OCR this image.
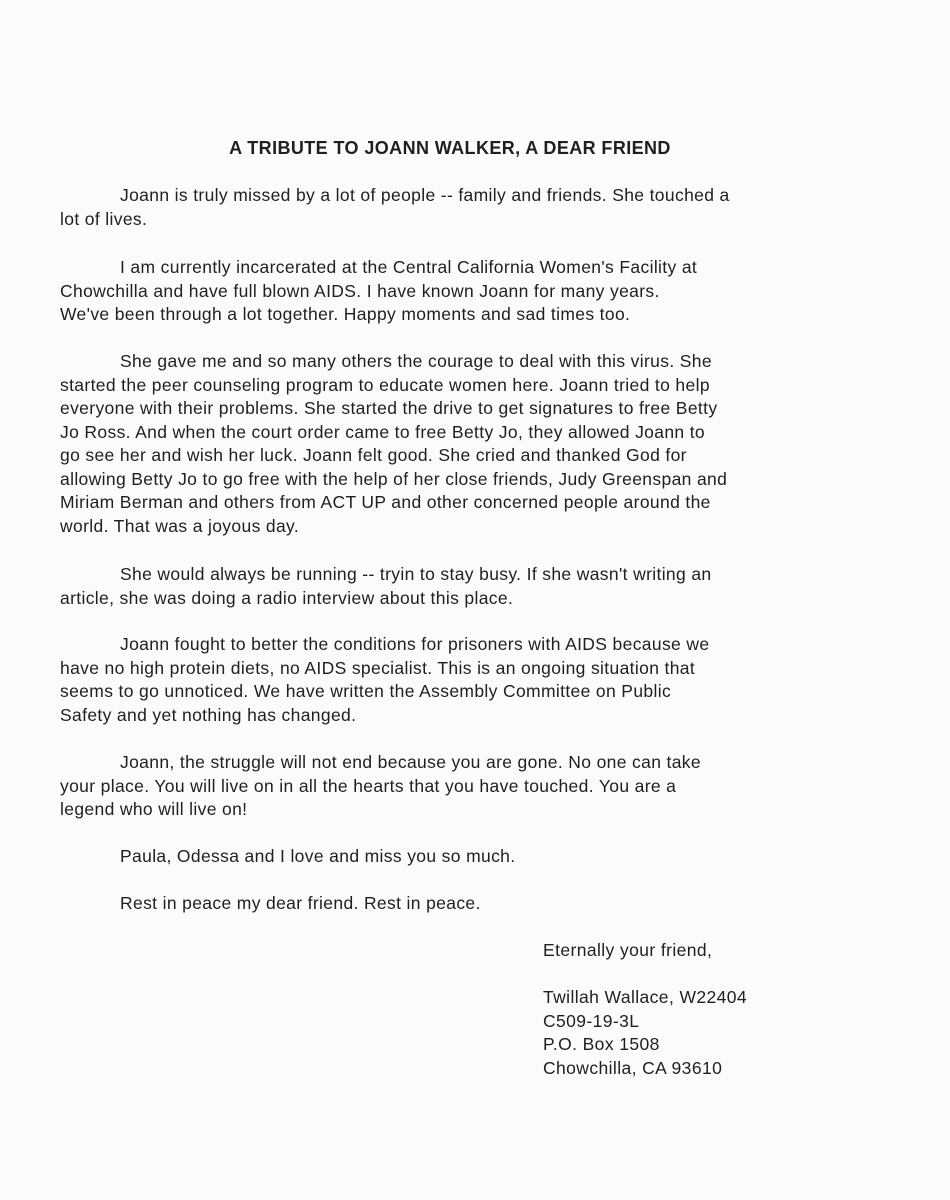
A TRIBUTE TO JOANN WALKER, A DEAR FRIEND

Joann is truly missed by a lot of people -- family and friends. She touched a
lot of lives.

I am currently incarcerated at the Central California Women's Facility at
Chowchilla and have full blown AIDS. I have known Joann for many years.
We've been through a lot together. Happy moments and sad times too.

She gave me and so many others the courage to deal with this virus. She
started the peer counseling program to educate women here. Joann tried to help
everyone with their problems. She started the drive to get signatures to free Betty
Jo Ross. And when the court order came to free Betty Jo, they allowed Joann to
go see her and wish her luck. Joann felt good. She cried and thanked God for
allowing Betty Jo to go free with the help of her close friends, Judy Greenspan and
Miriam Berman and others from ACT UP and other concerned people around the
world. That was a joyous day.

She would always be running -- tryin to stay busy. If she wasn't writing an
article, she was doing a radio interview about this place.

Joann fought to better the conditions for prisoners with AIDS because we
have no high protein diets, no AIDS specialist. This is an ongoing situation that
seems to go unnoticed. We have written the Assembly Committee on Public
Safety and yet nothing has changed.

Joann, the struggle will not end because you are gone. No one can take
your place. You will live on in all the hearts that you have touched. You are a
legend who will live on!

Paula, Odessa and I love and miss you so much.

Rest in peace my dear friend. Rest in peace.

Eternally your friend,
Twillah Wallace, W22404
C509-19-3L
P.O. Box 1508
Chowchilla, CA 93610
